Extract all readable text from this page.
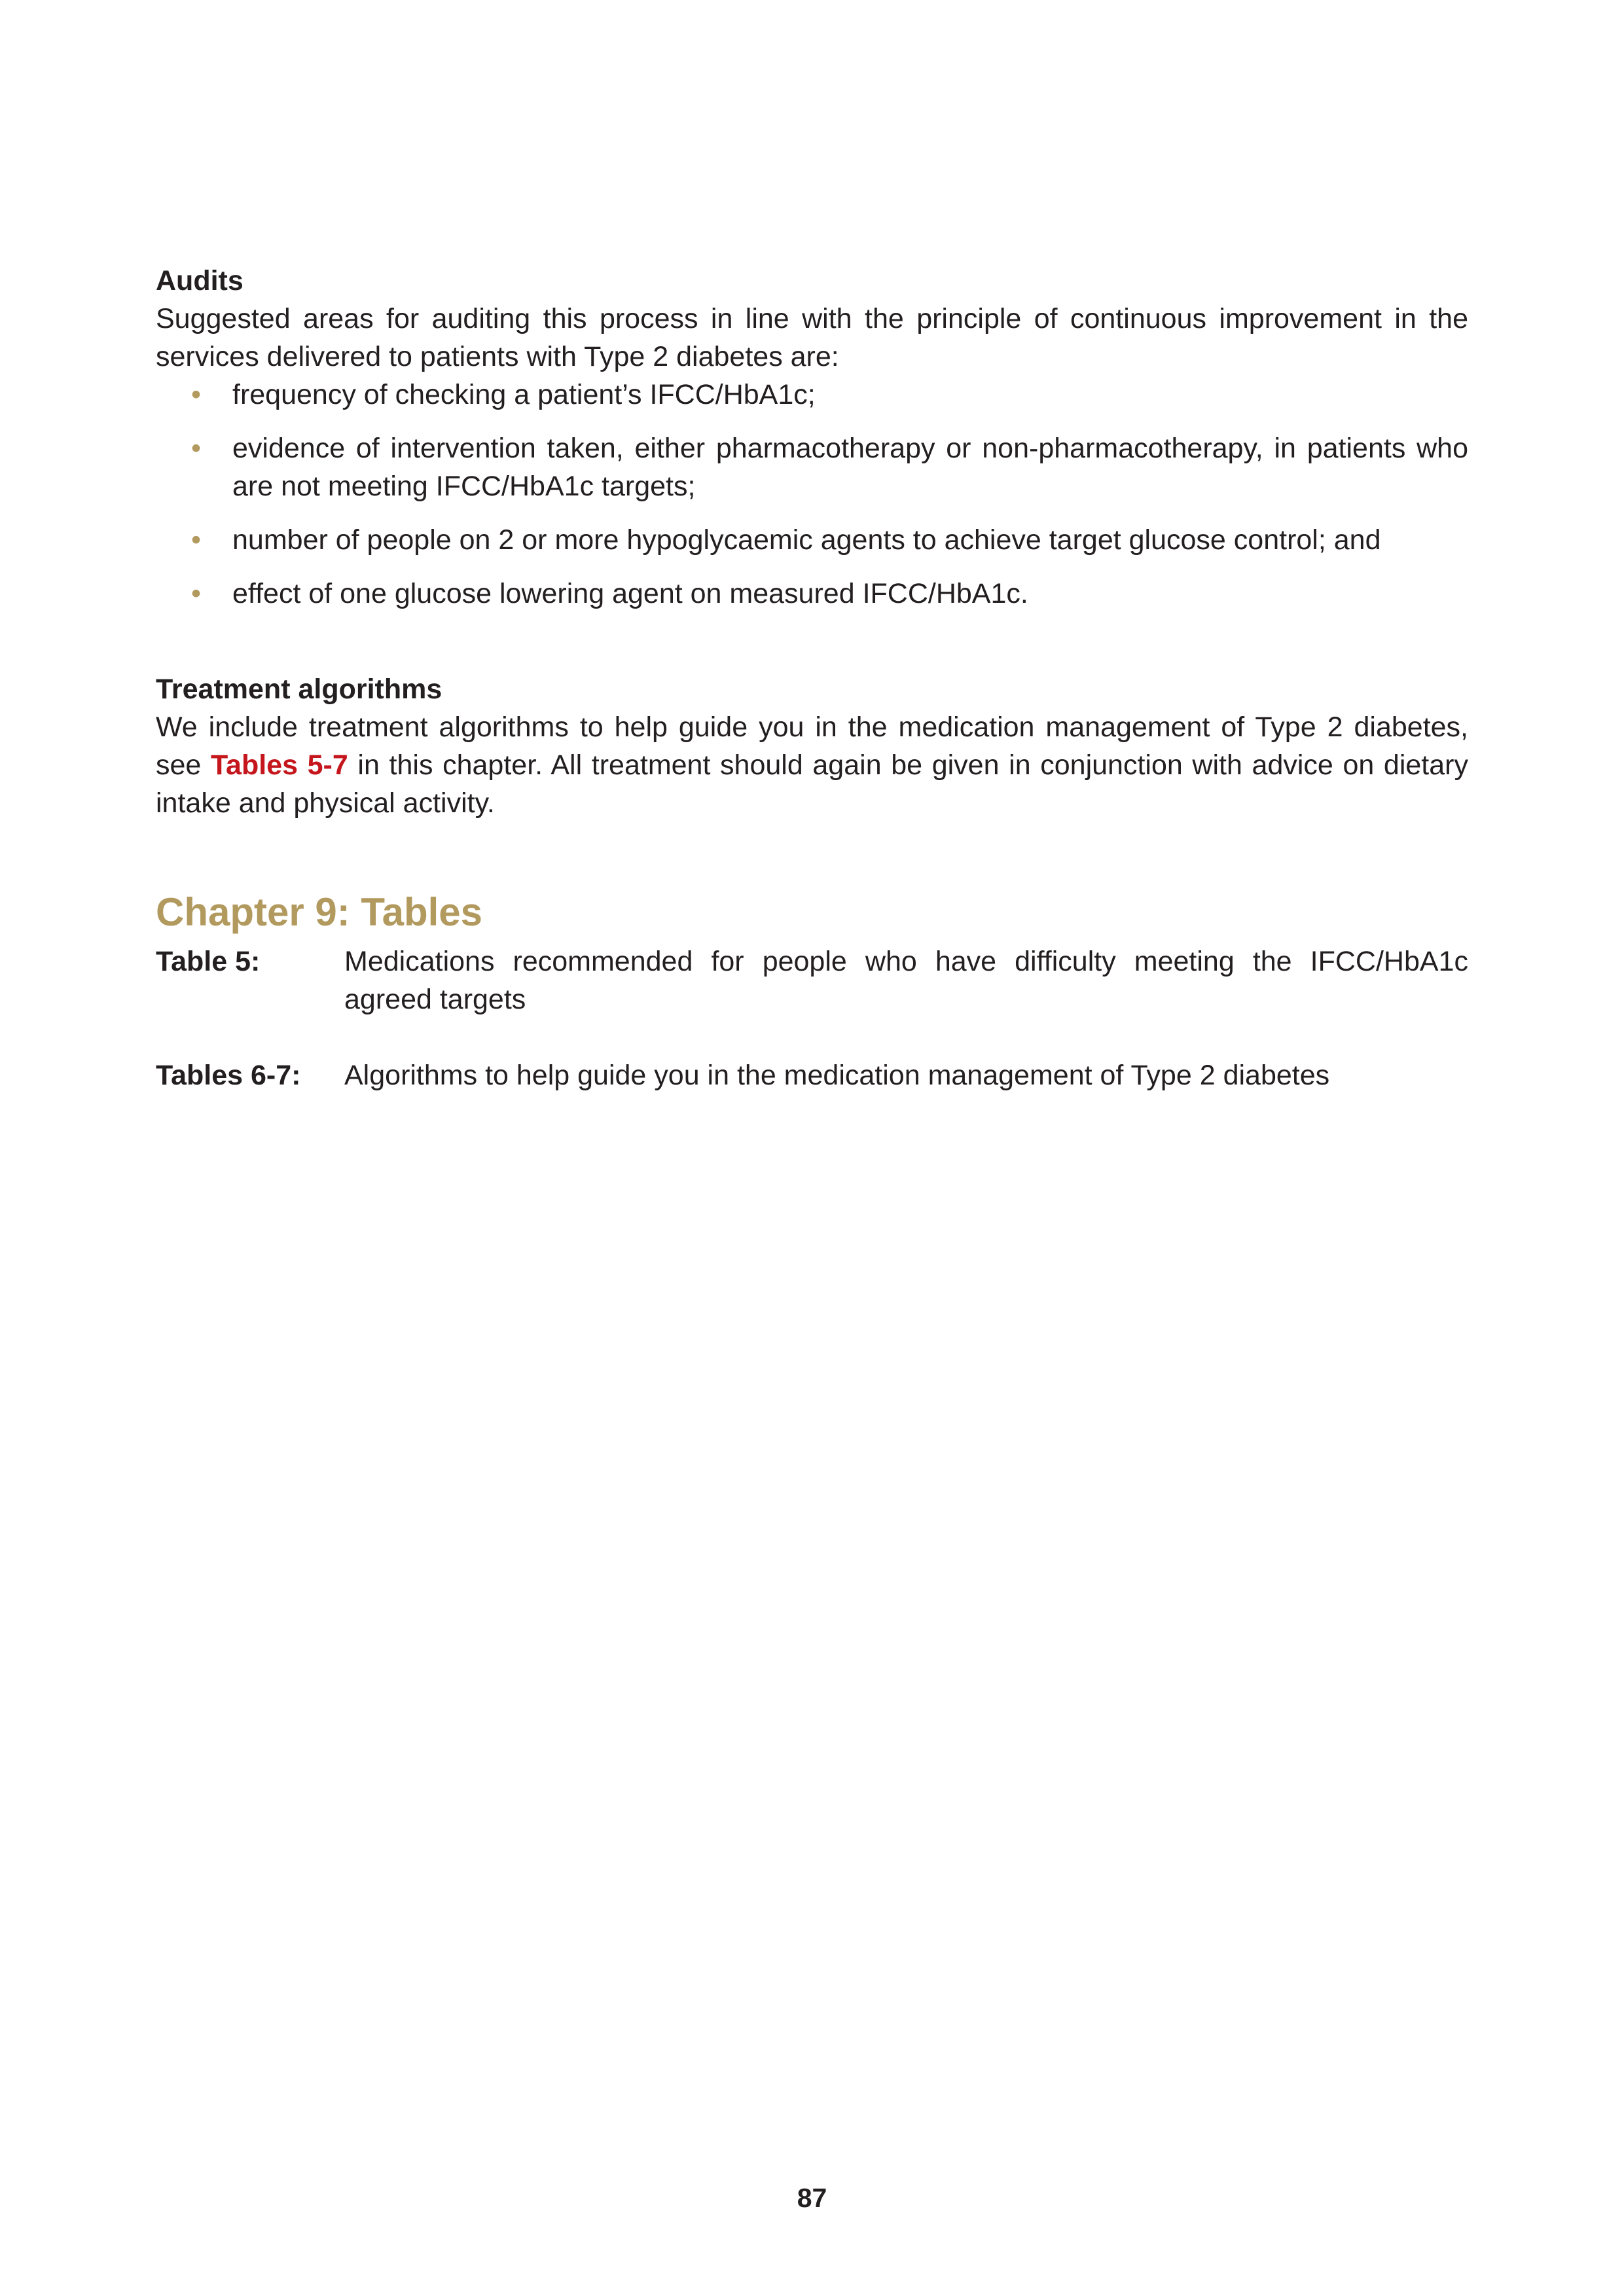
Audits

Suggested areas for auditing this process in line with the principle of continuous improvement in the services delivered to patients with Type 2 diabetes are:

• frequency of checking a patient’s IFCC/HbA1c;
• evidence of intervention taken, either pharmacotherapy or non-pharmacotherapy, in patients who are not meeting IFCC/HbA1c targets;
• number of people on 2 or more hypoglycaemic agents to achieve target glucose control; and
• effect of one glucose lowering agent on measured IFCC/HbA1c.
Treatment algorithms

We include treatment algorithms to help guide you in the medication management of Type 2 diabetes, see Tables 5-7 in this chapter. All treatment should again be given in conjunction with advice on dietary intake and physical activity.

Chapter 9: Tables
Table 5:	Medications recommended for people who have difficulty meeting the IFCC/HbA1c agreed targets
Tables 6-7:	Algorithms to help guide you in the medication management of Type 2 diabetes
87
